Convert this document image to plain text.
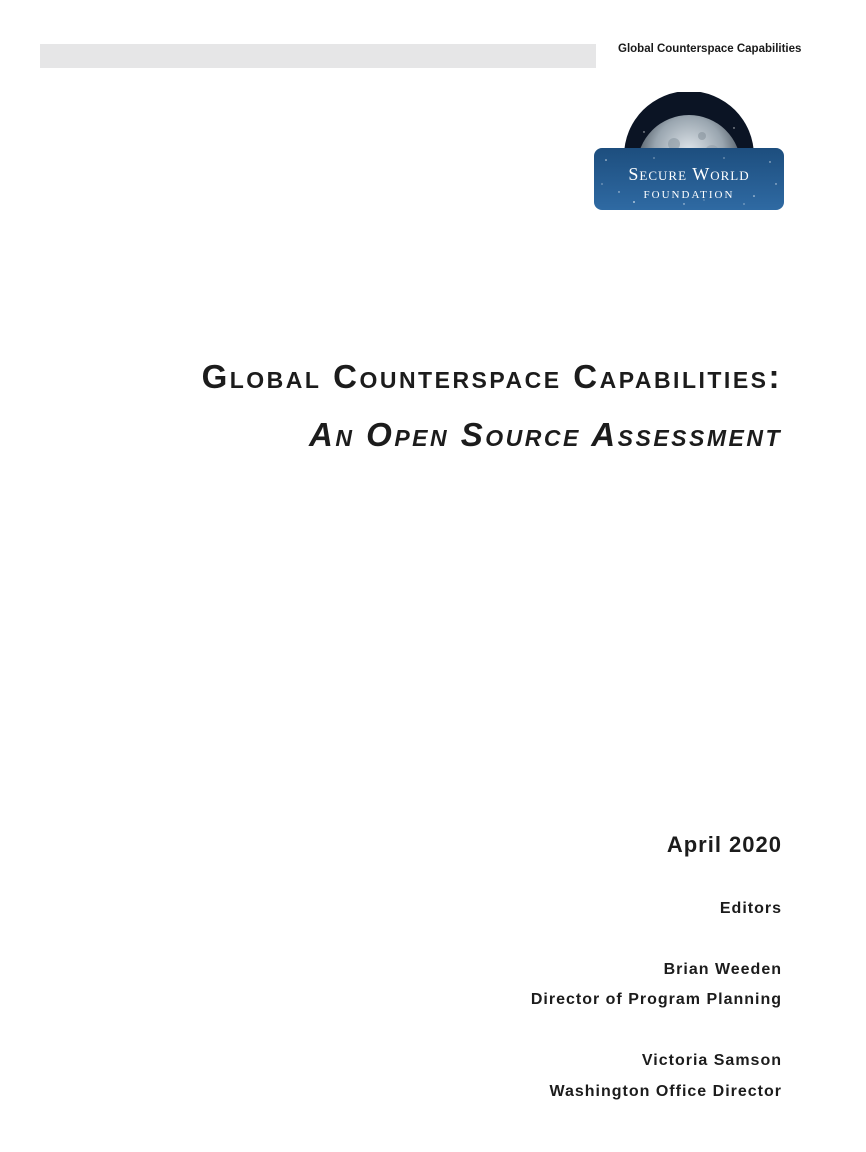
Global Counterspace Capabilities
Secure World
FOUNDATION
Global Counterspace Capabilities:
An Open Source Assessment
April 2020
Editors
Brian Weeden
Director of Program Planning
Victoria Samson
Washington Office Director
